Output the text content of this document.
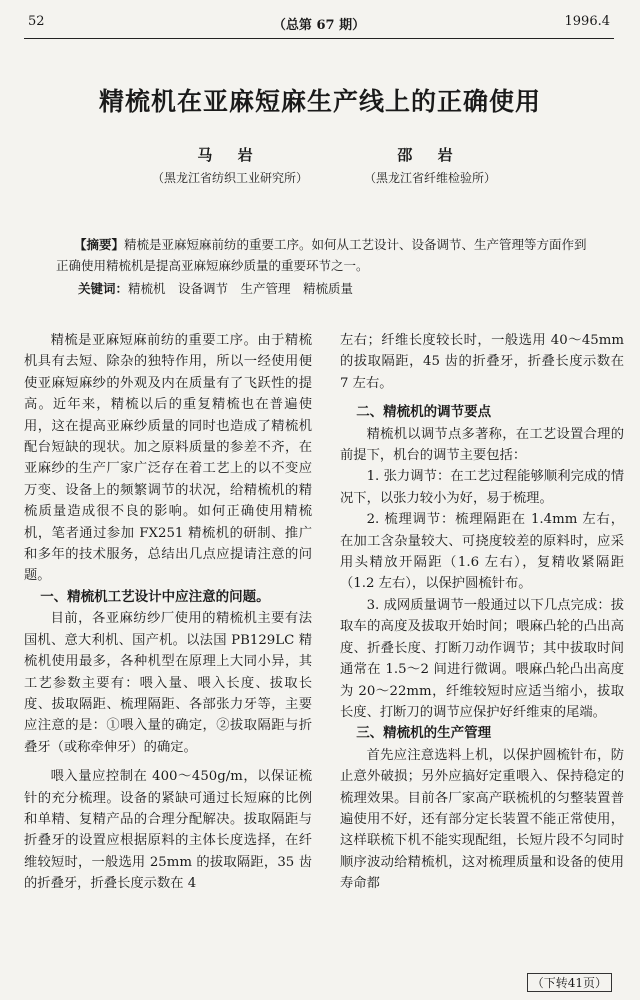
52	（总第 67 期）	1996.4
精梳机在亚麻短麻生产线上的正确使用
马 岩
（黑龙江省纺织工业研究所）
邵 岩
（黑龙江省纤维检验所）

【摘要】精梳是亚麻短麻前纺的重要工序。如何从工艺设计、设备调节、生产管理等方面作到正确使用精梳机是提高亚麻短麻纱质量的重要环节之一。

关键词：精梳机　设备调节　生产管理　精梳质量

精梳是亚麻短麻前纺的重要工序。由于精梳机具有去短、除杂的独特作用，所以一经使用便使亚麻短麻纱的外观及内在质量有了飞跃性的提高。近年来，精梳以后的重复精梳也在普遍使用，这在提高亚麻纱质量的同时也造成了精梳机配台短缺的现状。加之原料质量的参差不齐，在亚麻纱的生产厂家广泛存在着工艺上的以不变应万变、设备上的频繁调节的状况，给精梳机的精梳质量造成很不良的影响。如何正确使用精梳机，笔者通过参加 FX251 精梳机的研制、推广和多年的技术服务，总结出几点应提请注意的问题。

一、精梳机工艺设计中应注意的问题。

目前，各亚麻纺纱厂使用的精梳机主要有法国机、意大利机、国产机。以法国 PB129LC 精梳机使用最多，各种机型在原理上大同小异，其工艺参数主要有：喂入量、喂入长度、拔取长度、拔取隔距、梳理隔距、各部张力牙等，主要应注意的是：①喂入量的确定，②拔取隔距与折叠牙（或称牵伸牙）的确定。

喂入量应控制在 400～450g/m，以保证梳针的充分梳理。设备的紧缺可通过长短麻的比例和单精、复精产品的合理分配解决。拔取隔距与折叠牙的设置应根据原料的主体长度选择，在纤维较短时，一般选用 25mm 的拔取隔距，35 齿的折叠牙，折叠长度示数在 4

左右；纤维长度较长时，一般选用 40～45mm 的拔取隔距，45 齿的折叠牙，折叠长度示数在 7 左右。

二、精梳机的调节要点

精梳机以调节点多著称，在工艺设置合理的前提下，机台的调节主要包括：

1. 张力调节：在工艺过程能够顺利完成的情况下，以张力较小为好，易于梳理。

2. 梳理调节：梳理隔距在 1.4mm 左右，在加工含杂量较大、可挠度较差的原料时，应采用头精放开隔距（1.6 左右），复精收紧隔距（1.2 左右），以保护圆梳针布。

3. 成网质量调节一般通过以下几点完成：拔取车的高度及拔取开始时间；喂麻凸轮的凸出高度、折叠长度、打断刀动作调节；其中拔取时间通常在 1.5～2 间进行微调。喂麻凸轮凸出高度为 20～22mm，纤维较短时应适当缩小，拔取长度、打断刀的调节应保护好纤维束的尾端。

三、精梳机的生产管理

首先应注意选料上机，以保护圆梳针布，防止意外破损；另外应搞好定重喂入、保持稳定的梳理效果。目前各厂家高产联梳机的匀整装置普遍使用不好，还有部分定长装置不能正常使用，这样联梳下机不能实现配组，长短片段不匀同时顺序波动给精梳机，这对梳理质量和设备的使用寿命都

（下转41页）
